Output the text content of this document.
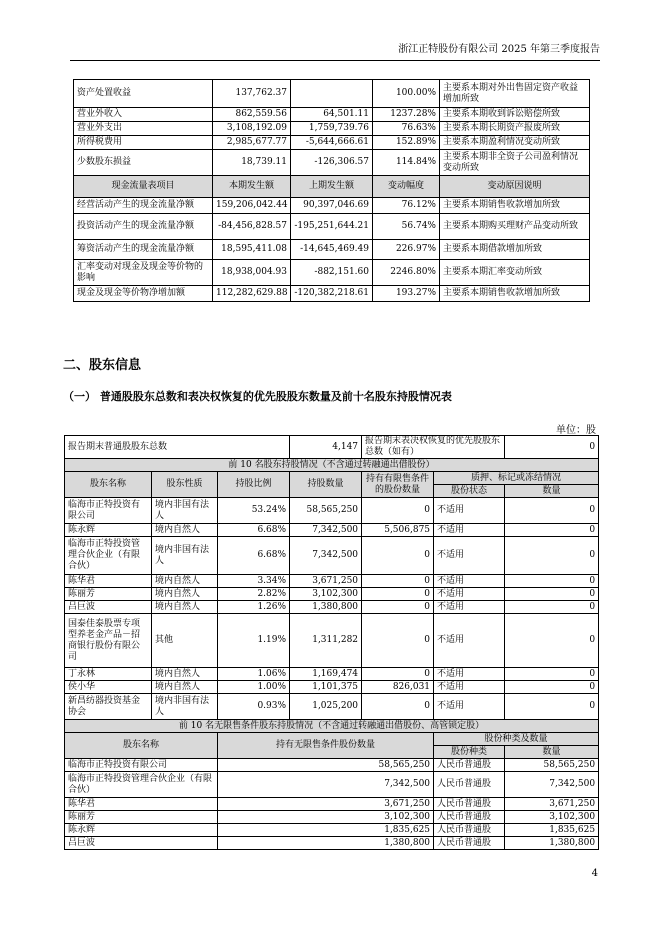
浙江正特股份有限公司 2025 年第三季度报告
资产处置收益	137,762.37		100.00%	主要系本期对外出售固定资产收益增加所致
营业外收入	862,559.56	64,501.11	1237.28%	主要系本期收到诉讼赔偿所致
营业外支出	3,108,192.09	1,759,739.76	76.63%	主要系本期长期资产报废所致
所得税费用	2,985,677.77	-5,644,666.61	152.89%	主要系本期盈利情况变动所致
少数股东损益	18,739.11	-126,306.57	114.84%	主要系本期非全资子公司盈利情况变动所致
现金流量表项目	本期发生额	上期发生额	变动幅度	变动原因说明
经营活动产生的现金流量净额	159,206,042.44	90,397,046.69	76.12%	主要系本期销售收款增加所致
投资活动产生的现金流量净额	-84,456,828.57	-195,251,644.21	56.74%	主要系本期购买理财产品变动所致
筹资活动产生的现金流量净额	18,595,411.08	-14,645,469.49	226.97%	主要系本期借款增加所致
汇率变动对现金及现金等价物的影响	18,938,004.93	-882,151.60	2246.80%	主要系本期汇率变动所致
现金及现金等价物净增加额	112,282,629.88	-120,382,218.61	193.27%	主要系本期销售收款增加所致
二、股东信息
（一） 普通股股东总数和表决权恢复的优先股股东数量及前十名股东持股情况表
单位：股
报告期末普通股股东总数			4,147	报告期末表决权恢复的优先股股东总数（如有）		0
前 10 名股东持股情况（不含通过转融通出借股份）						
股东名称	股东性质	持股比例	持股数量	持有有限售条件的股份数量	质押、标记或冻结情况	
					股份状态	数量
临海市正特投资有限公司	境内非国有法人	53.24%	58,565,250	0	不适用	0
陈永辉	境内自然人	6.68%	7,342,500	5,506,875	不适用	0
临海市正特投资管理合伙企业（有限合伙）	境内非国有法人	6.68%	7,342,500	0	不适用	0
陈华君	境内自然人	3.34%	3,671,250	0	不适用	0
陈丽芳	境内自然人	2.82%	3,102,300	0	不适用	0
吕巨波	境内自然人	1.26%	1,380,800	0	不适用	0
国泰佳泰股票专项型养老金产品－招商银行股份有限公司	其他	1.19%	1,311,282	0	不适用	0
丁永林	境内自然人	1.06%	1,169,474	0	不适用	0
侯小华	境内自然人	1.00%	1,101,375	826,031	不适用	0
新昌纺器投资基金协会	境内非国有法人	0.93%	1,025,200	0	不适用	0
前 10 名无限售条件股东持股情况（不含通过转融通出借股份、高管锁定股）						
股东名称		持有无限售条件股份数量			股份种类及数量	
					股份种类	数量
临海市正特投资有限公司		58,565,250			人民币普通股	58,565,250
临海市正特投资管理合伙企业（有限合伙）		7,342,500			人民币普通股	7,342,500
陈华君		3,671,250			人民币普通股	3,671,250
陈丽芳		3,102,300			人民币普通股	3,102,300
陈永辉		1,835,625			人民币普通股	1,835,625
吕巨波		1,380,800			人民币普通股	1,380,800
4
